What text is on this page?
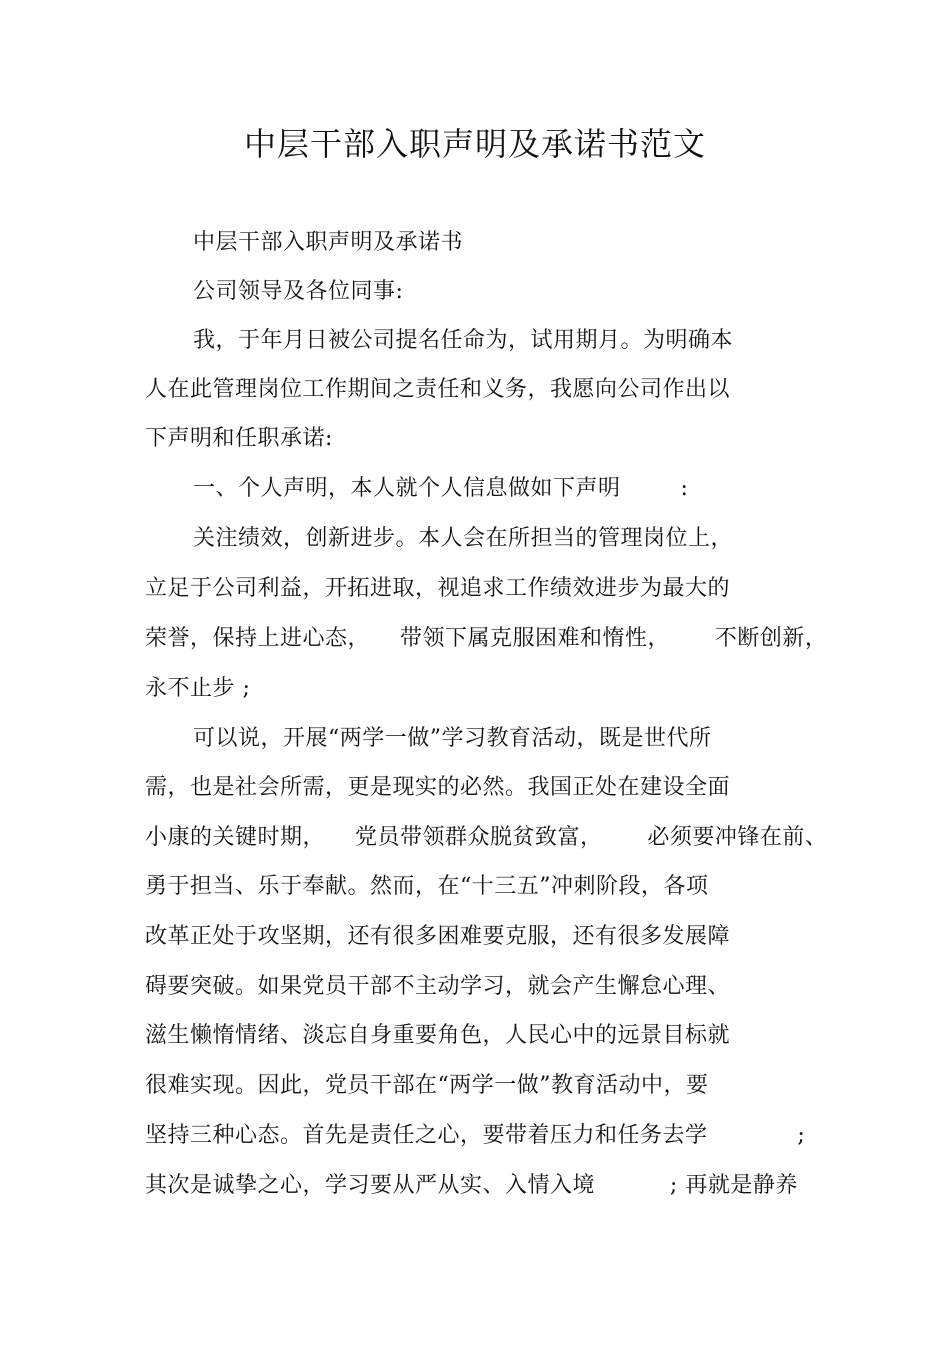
中层干部入职声明及承诺书范文

中层干部入职声明及承诺书

公司领导及各位同事:

我，于年月日被公司提名任命为，试用期月。为明确本

人在此管理岗位工作期间之责任和义务，我愿向公司作出以

下声明和任职承诺:

一、个人声明，本人就个人信息做如下声明        :

关注绩效，创新进步。本人会在所担当的管理岗位上，

立足于公司利益，开拓进取，视追求工作绩效进步为最大的

荣誉，保持上进心态，    带领下属克服困难和惰性，      不断创新，

永不止步 ;

可以说，开展“两学一做”学习教育活动，既是世代所

需，也是社会所需，更是现实的必然。我国正处在建设全面

小康的关键时期，    党员带领群众脱贫致富，      必须要冲锋在前、

勇于担当、乐于奉献。然而，在“十三五”冲刺阶段，各项

改革正处于攻坚期，还有很多困难要克服，还有很多发展障

碍要突破。如果党员干部不主动学习，就会产生懈怠心理、

滋生懒惰情绪、淡忘自身重要角色，人民心中的远景目标就

很难实现。因此，党员干部在“两学一做”教育活动中，要

坚持三种心态。首先是责任之心，要带着压力和任务去学            ;

其次是诚挚之心，学习要从严从实、入情入境          ; 再就是静养
